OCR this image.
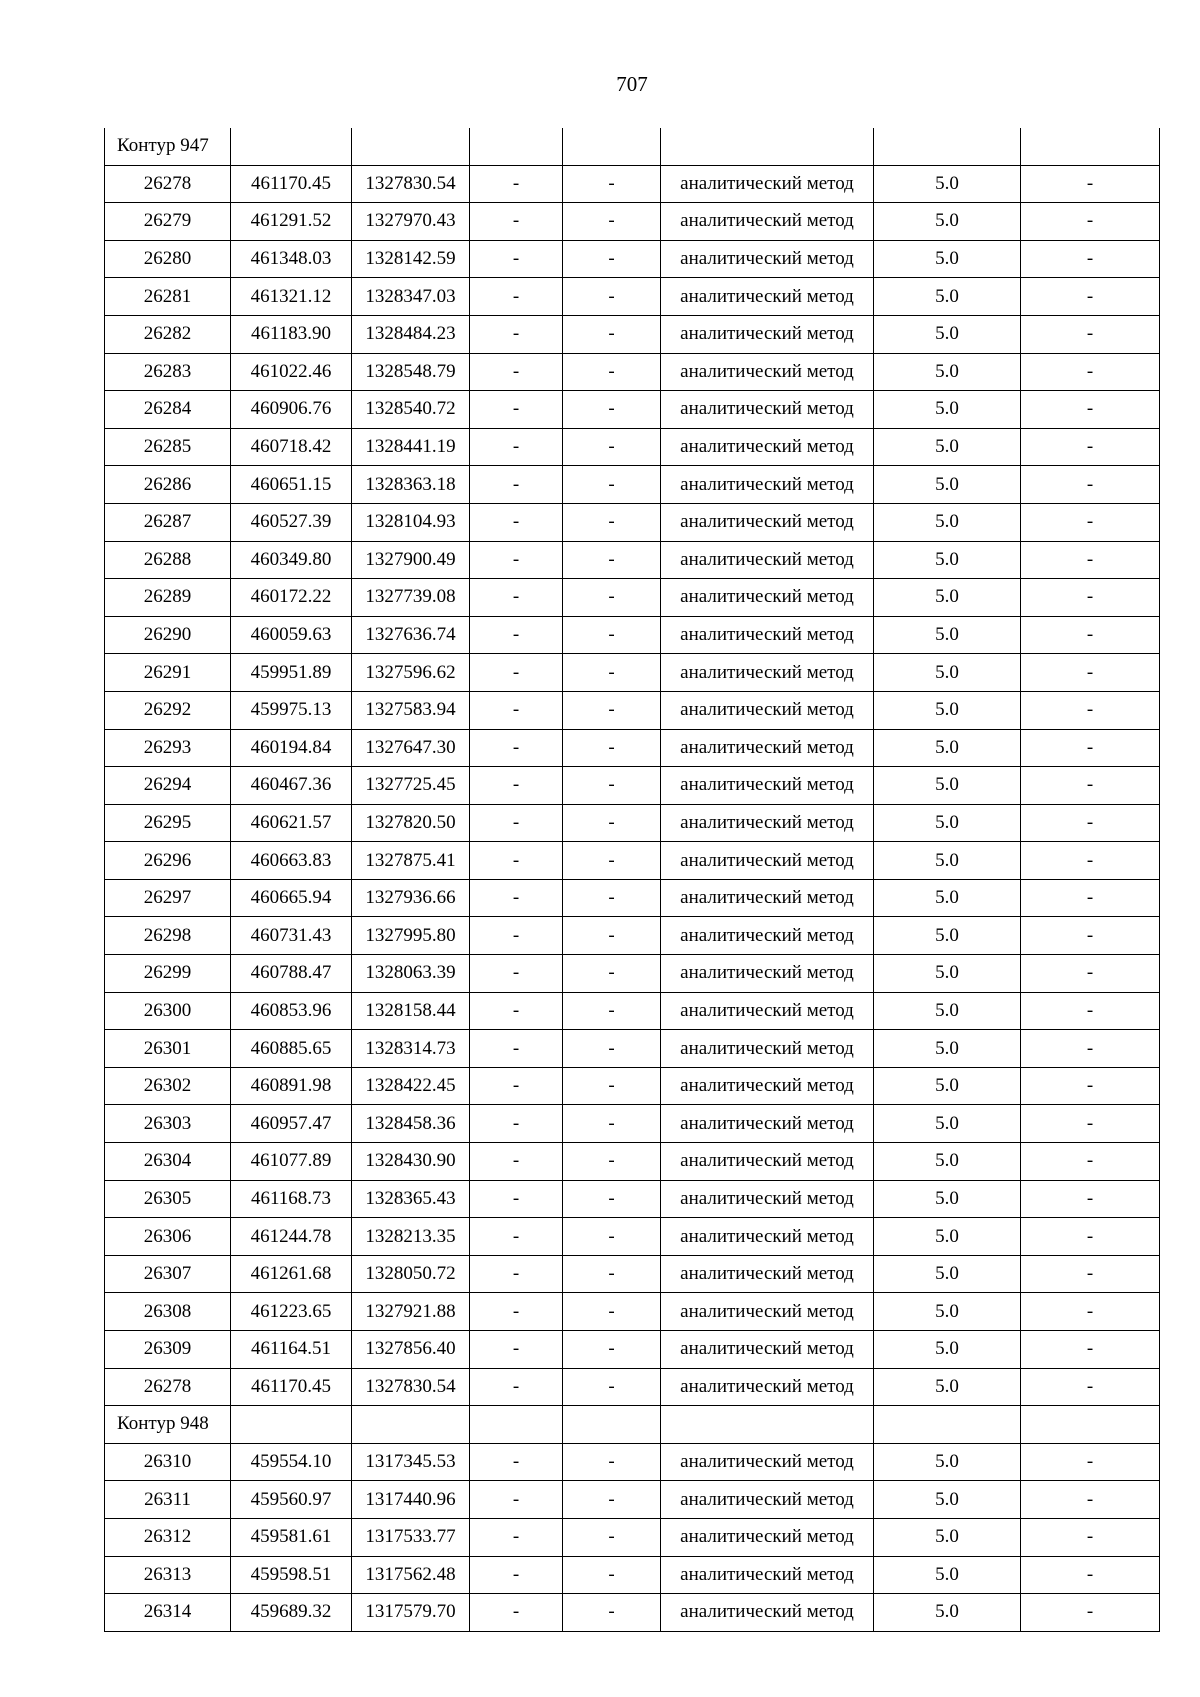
707
Контур 947							
26278	461170.45	1327830.54	-	-	аналитический метод	5.0	-
26279	461291.52	1327970.43	-	-	аналитический метод	5.0	-
26280	461348.03	1328142.59	-	-	аналитический метод	5.0	-
26281	461321.12	1328347.03	-	-	аналитический метод	5.0	-
26282	461183.90	1328484.23	-	-	аналитический метод	5.0	-
26283	461022.46	1328548.79	-	-	аналитический метод	5.0	-
26284	460906.76	1328540.72	-	-	аналитический метод	5.0	-
26285	460718.42	1328441.19	-	-	аналитический метод	5.0	-
26286	460651.15	1328363.18	-	-	аналитический метод	5.0	-
26287	460527.39	1328104.93	-	-	аналитический метод	5.0	-
26288	460349.80	1327900.49	-	-	аналитический метод	5.0	-
26289	460172.22	1327739.08	-	-	аналитический метод	5.0	-
26290	460059.63	1327636.74	-	-	аналитический метод	5.0	-
26291	459951.89	1327596.62	-	-	аналитический метод	5.0	-
26292	459975.13	1327583.94	-	-	аналитический метод	5.0	-
26293	460194.84	1327647.30	-	-	аналитический метод	5.0	-
26294	460467.36	1327725.45	-	-	аналитический метод	5.0	-
26295	460621.57	1327820.50	-	-	аналитический метод	5.0	-
26296	460663.83	1327875.41	-	-	аналитический метод	5.0	-
26297	460665.94	1327936.66	-	-	аналитический метод	5.0	-
26298	460731.43	1327995.80	-	-	аналитический метод	5.0	-
26299	460788.47	1328063.39	-	-	аналитический метод	5.0	-
26300	460853.96	1328158.44	-	-	аналитический метод	5.0	-
26301	460885.65	1328314.73	-	-	аналитический метод	5.0	-
26302	460891.98	1328422.45	-	-	аналитический метод	5.0	-
26303	460957.47	1328458.36	-	-	аналитический метод	5.0	-
26304	461077.89	1328430.90	-	-	аналитический метод	5.0	-
26305	461168.73	1328365.43	-	-	аналитический метод	5.0	-
26306	461244.78	1328213.35	-	-	аналитический метод	5.0	-
26307	461261.68	1328050.72	-	-	аналитический метод	5.0	-
26308	461223.65	1327921.88	-	-	аналитический метод	5.0	-
26309	461164.51	1327856.40	-	-	аналитический метод	5.0	-
26278	461170.45	1327830.54	-	-	аналитический метод	5.0	-
Контур 948							
26310	459554.10	1317345.53	-	-	аналитический метод	5.0	-
26311	459560.97	1317440.96	-	-	аналитический метод	5.0	-
26312	459581.61	1317533.77	-	-	аналитический метод	5.0	-
26313	459598.51	1317562.48	-	-	аналитический метод	5.0	-
26314	459689.32	1317579.70	-	-	аналитический метод	5.0	-
